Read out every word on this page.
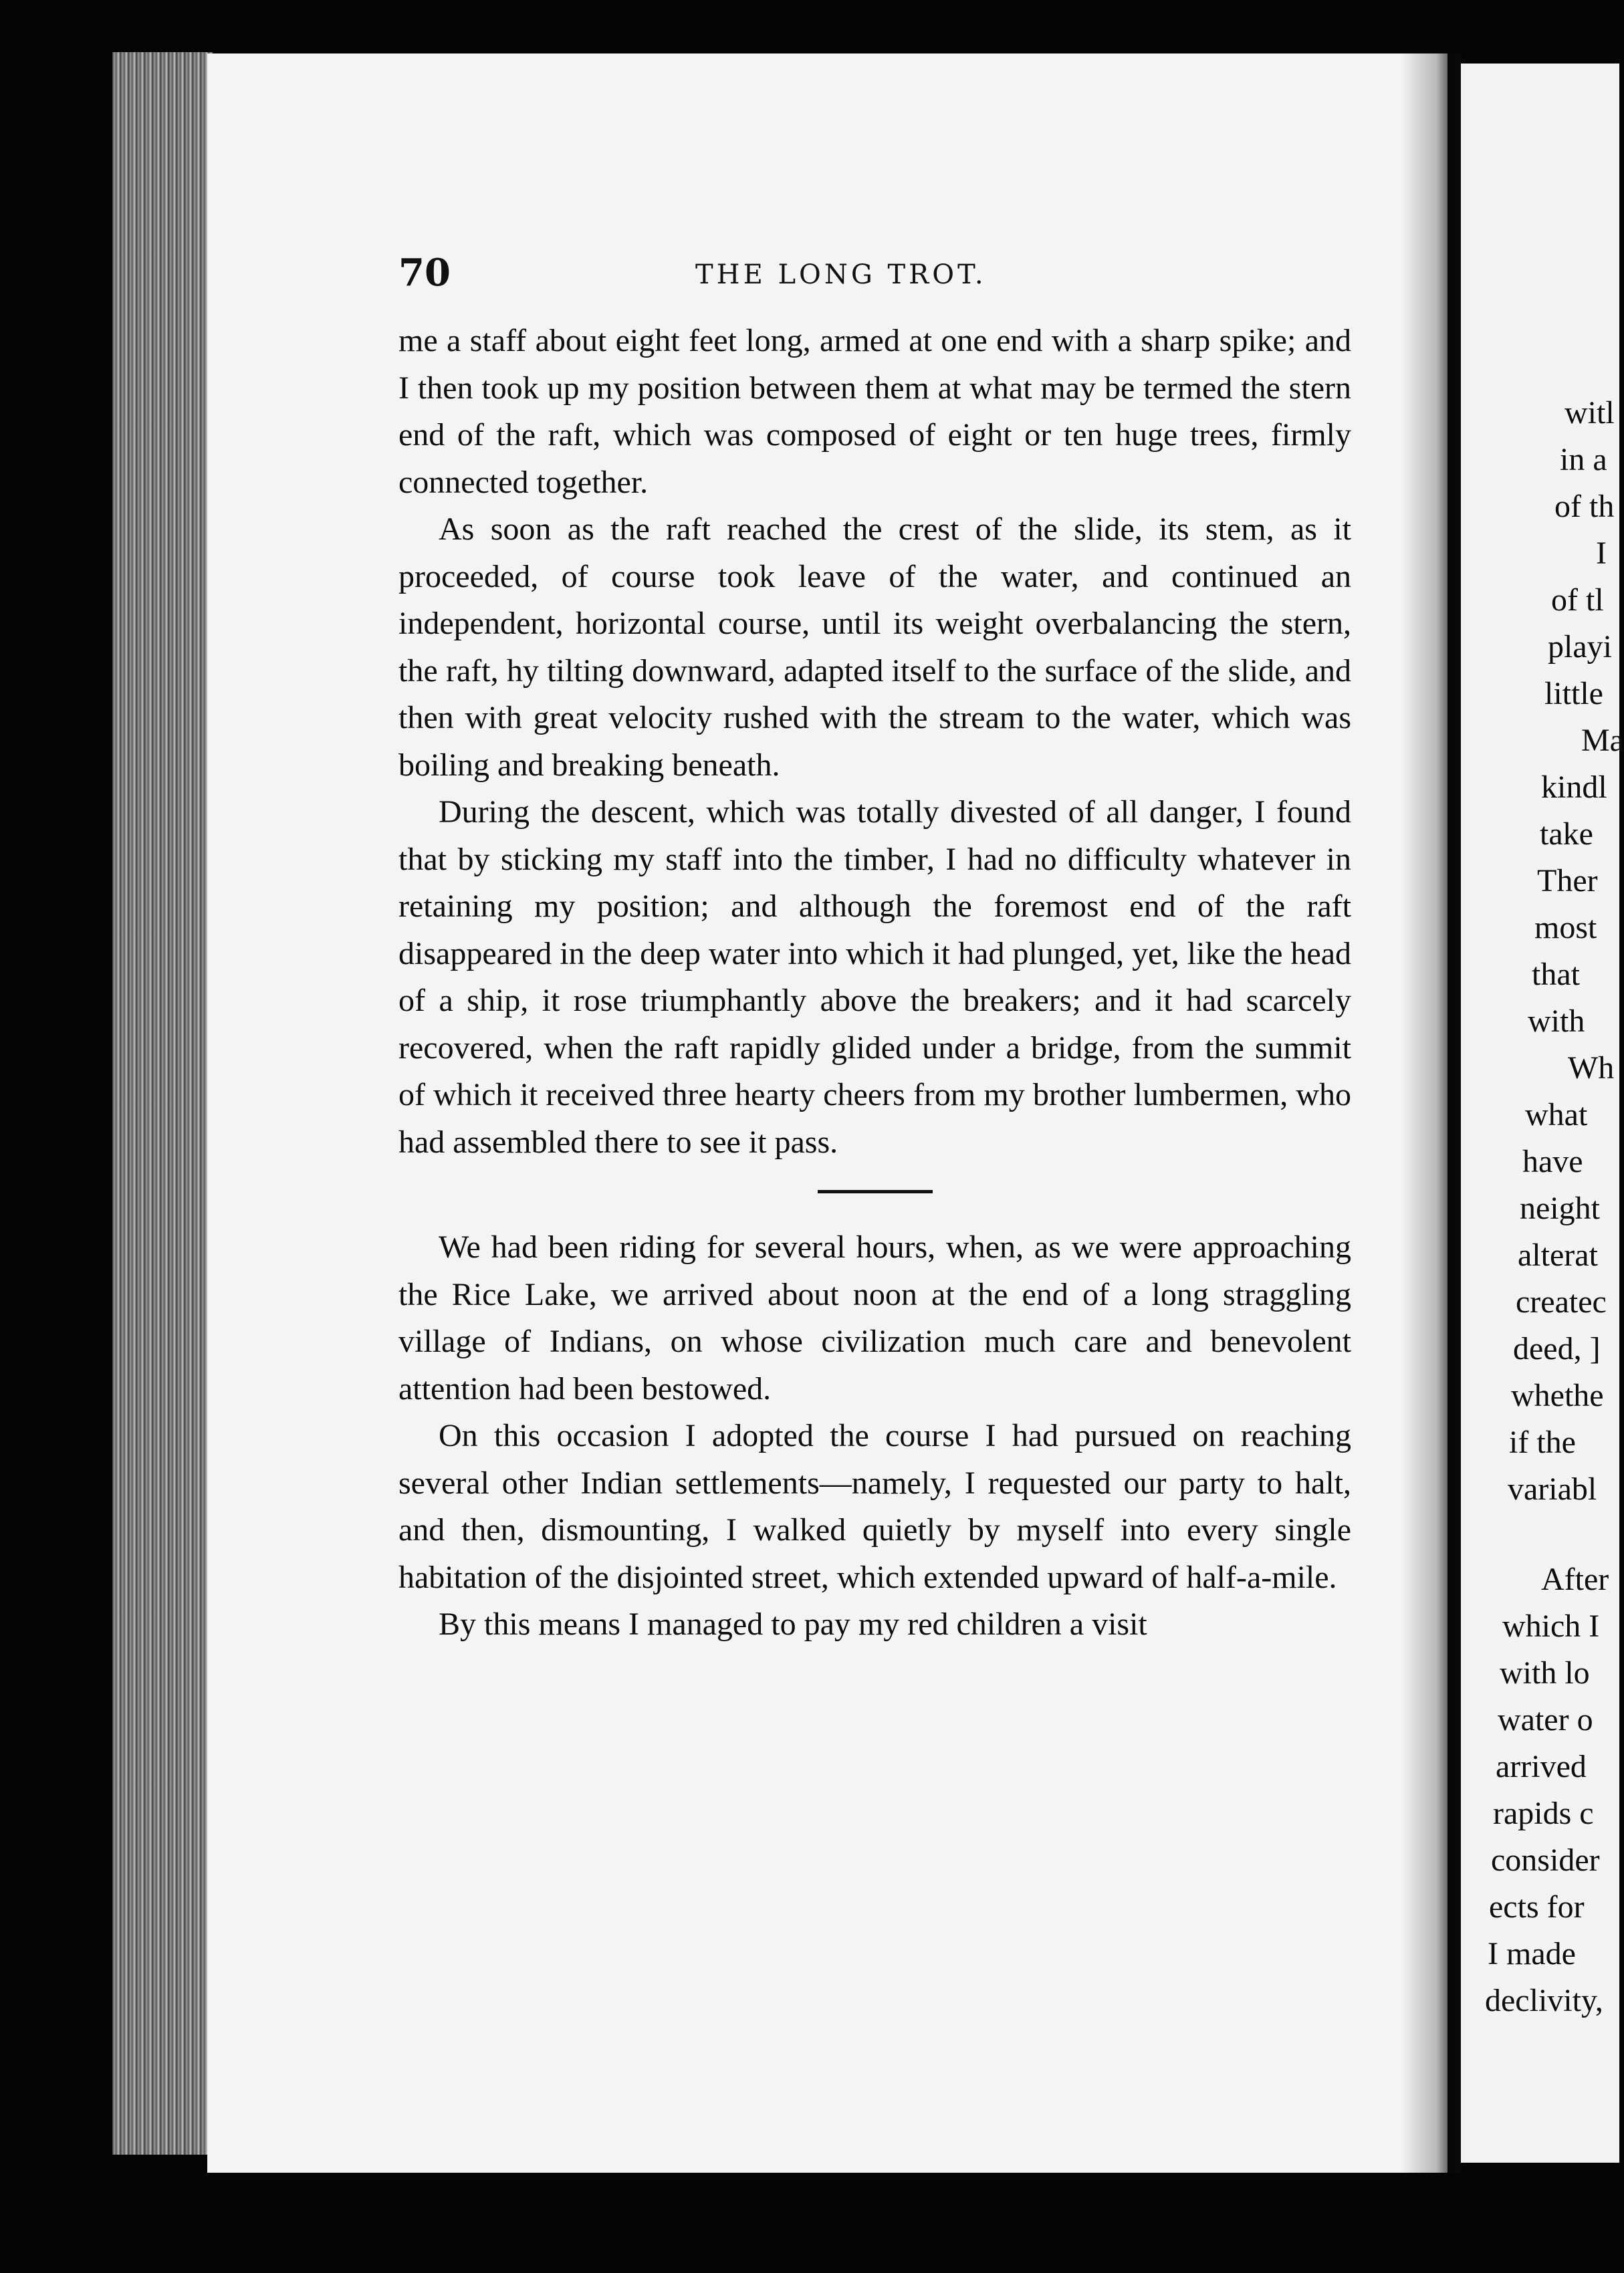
70	THE LONG TROT.

me a staff about eight feet long, armed at one end with a sharp spike; and I then took up my position between them at what may be termed the stern end of the raft, which was composed of eight or ten huge trees, firmly connected together.

As soon as the raft reached the crest of the slide, its stem, as it proceeded, of course took leave of the water, and continued an independent, horizontal course, until its weight overbalancing the stern, the raft, hy tilting downward, adapted itself to the surface of the slide, and then with great velocity rushed with the stream to the water, which was boiling and breaking beneath.

During the descent, which was totally divested of all danger, I found that by sticking my staff into the timber, I had no difficulty whatever in retaining my position; and although the foremost end of the raft disappeared in the deep water into which it had plunged, yet, like the head of a ship, it rose triumphantly above the breakers; and it had scarcely recovered, when the raft rapidly glided under a bridge, from the summit of which it received three hearty cheers from my brother lumbermen, who had assembled there to see it pass.

We had been riding for several hours, when, as we were approaching the Rice Lake, we arrived about noon at the end of a long straggling village of Indians, on whose civilization much care and benevolent attention had been bestowed.

On this occasion I adopted the course I had pursued on reaching several other Indian settlements—namely, I requested our party to halt, and then, dismounting, I walked quietly by myself into every single habitation of the disjointed street, which extended upward of half-a-mile.

By this means I managed to pay my red children a visit

witl
in a
of th
I
of tl
playi
little
Ma
kindl
take
Ther
most
that
with
Wh
what
have
neight
alterat
createc
deed, ]
whethe
if the
variabl
After
which I
with lo
water o
arrived
rapids c
consider
ects for
I made
declivity,
